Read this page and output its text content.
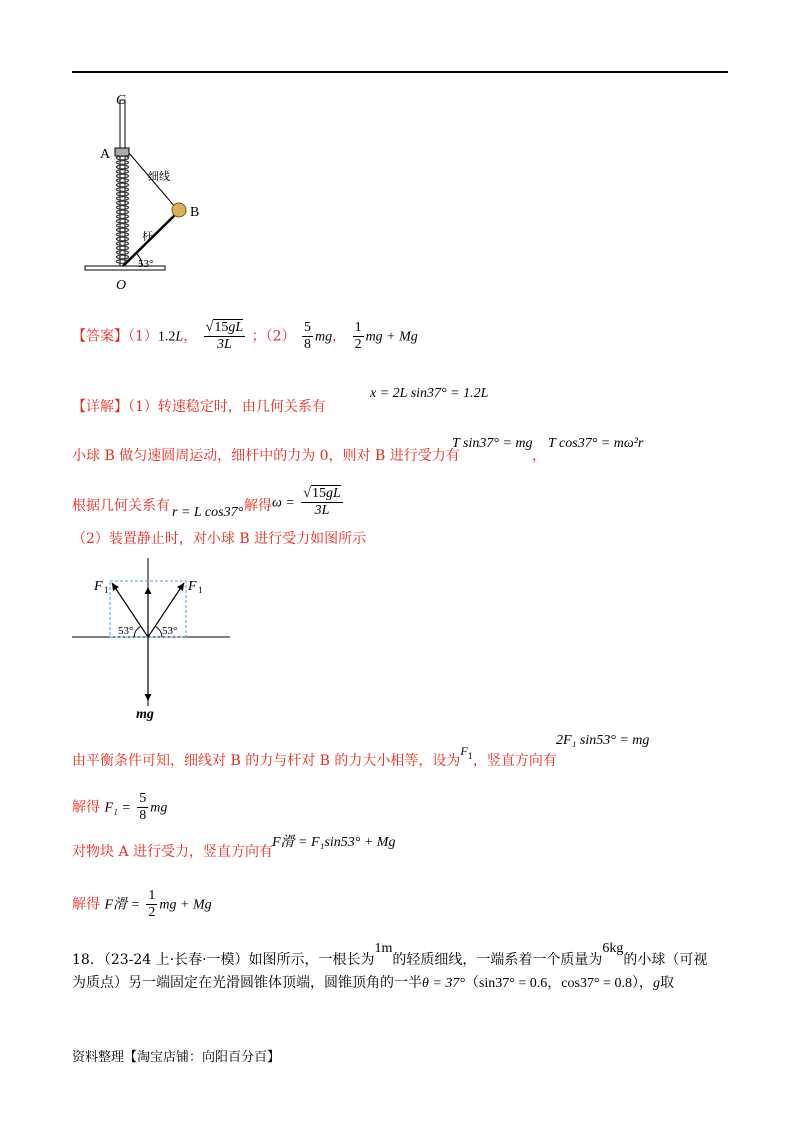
C
A
B
O
细线
杆
53°
【答案】（1）1.2L， $\frac{√15gL}{3L}$ ；$(2) \frac{5}{8}$ mg， $\frac{1}{2}$ mg + Mg
【详解】（1）转速稳定时，由几何关系有
x = 2L sin37° = 1.2L
小球 B 做匀速圆周运动，细杆中的力为 0，则对 B 进行受力有
T sin37° = mg
，
T cos37° = mω²r
根据几何关系有 r = L cos37° 解得 $\omega = \frac{√15gL}{3L}$
（2）装置静止时，对小球 B 进行受力如图所示
F 1	F 1
53°	53°
mg
由平衡条件可知，细线对 B 的力与杆对 B 的力大小相等，设为$F^1$，竖直方向有
2F₁ sin53° = mg
解得 $F_1 = \frac{5}{8}$ mg
对物块 A 进行受力，竖直方向有
F滑 = F₁sin53° + Mg
解得 F滑 = $\frac{1}{2}$ mg + Mg
18．（23-24 上·长春·一模）如图所示，一根长为1m的轻质细线，一端系着一个质量为6kg的小球（可视
为质点）另一端固定在光滑圆锥体顶端，圆锥顶角的一半θ = 37°（sin37° = 0.6，cos37° = 0.8），g取
资料整理【淘宝店铺：向阳百分百】
